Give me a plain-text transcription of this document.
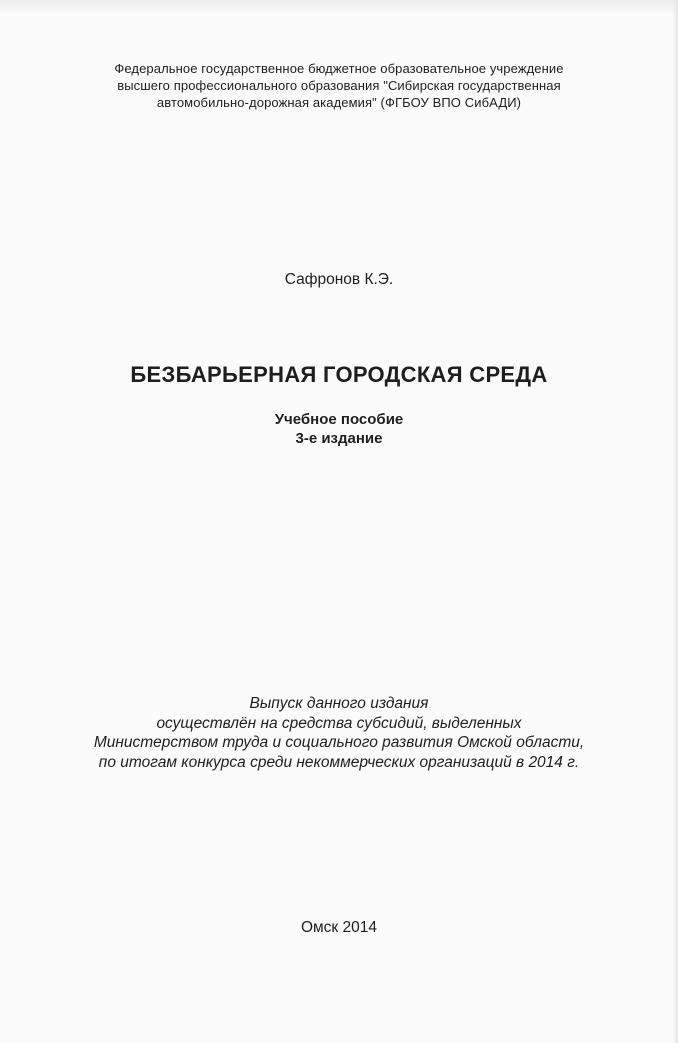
Федеральное государственное бюджетное образовательное учреждение
высшего профессионального образования "Сибирская государственная
автомобильно-дорожная академия" (ФГБОУ ВПО СибАДИ)
Сафронов К.Э.
БЕЗБАРЬЕРНАЯ ГОРОДСКАЯ СРЕДА
Учебное пособие
3-е издание
Выпуск данного издания
осуществлён на средства субсидий, выделенных
Министерством труда и социального развития Омской области,
по итогам конкурса среди некоммерческих организаций в 2014 г.
Омск 2014
